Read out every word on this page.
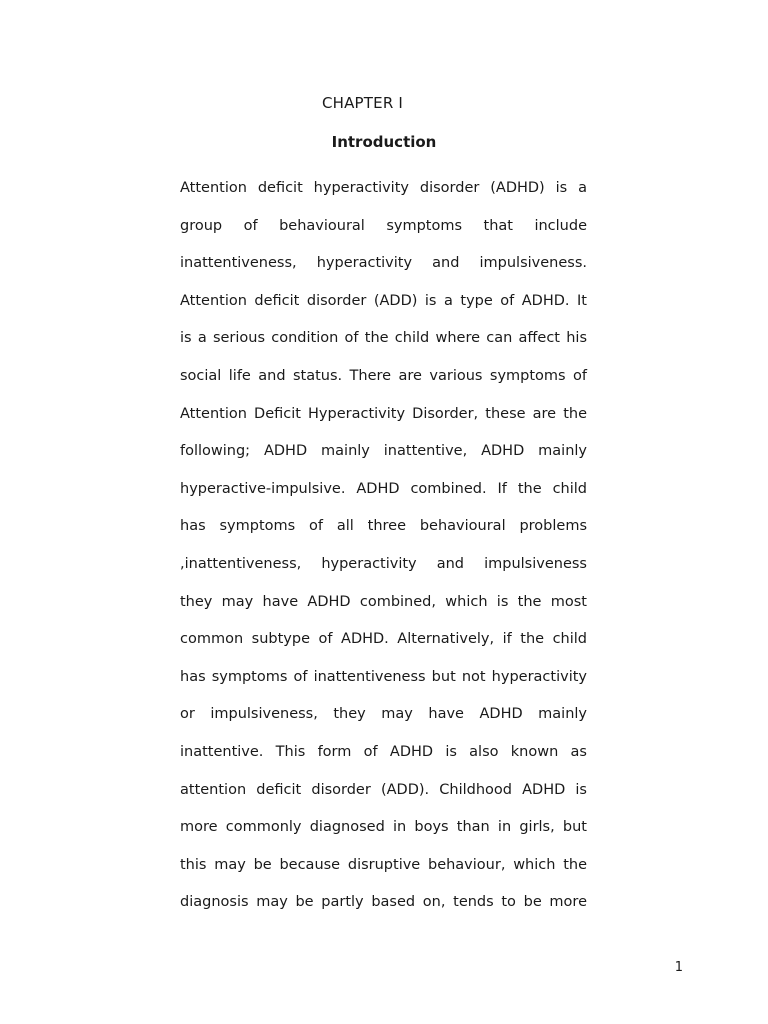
CHAPTER I
Introduction
Attention deficit hyperactivity disorder (ADHD) is a
group of behavioural symptoms that include
inattentiveness, hyperactivity and impulsiveness.
Attention deficit disorder (ADD) is a type of ADHD. It
is a serious condition of the child where can affect his
social life and status. There are various symptoms of
Attention Deficit Hyperactivity Disorder, these are the
following; ADHD mainly inattentive, ADHD mainly
hyperactive-impulsive. ADHD combined. If the child
has symptoms of all three behavioural problems
,inattentiveness, hyperactivity and impulsiveness
they may have ADHD combined, which is the most
common subtype of ADHD. Alternatively, if the child
has symptoms of inattentiveness but not hyperactivity
or impulsiveness, they may have ADHD mainly
inattentive. This form of ADHD is also known as
attention deficit disorder (ADD). Childhood ADHD is
more commonly diagnosed in boys than in girls, but
this may be because disruptive behaviour, which the
diagnosis may be partly based on, tends to be more
1
